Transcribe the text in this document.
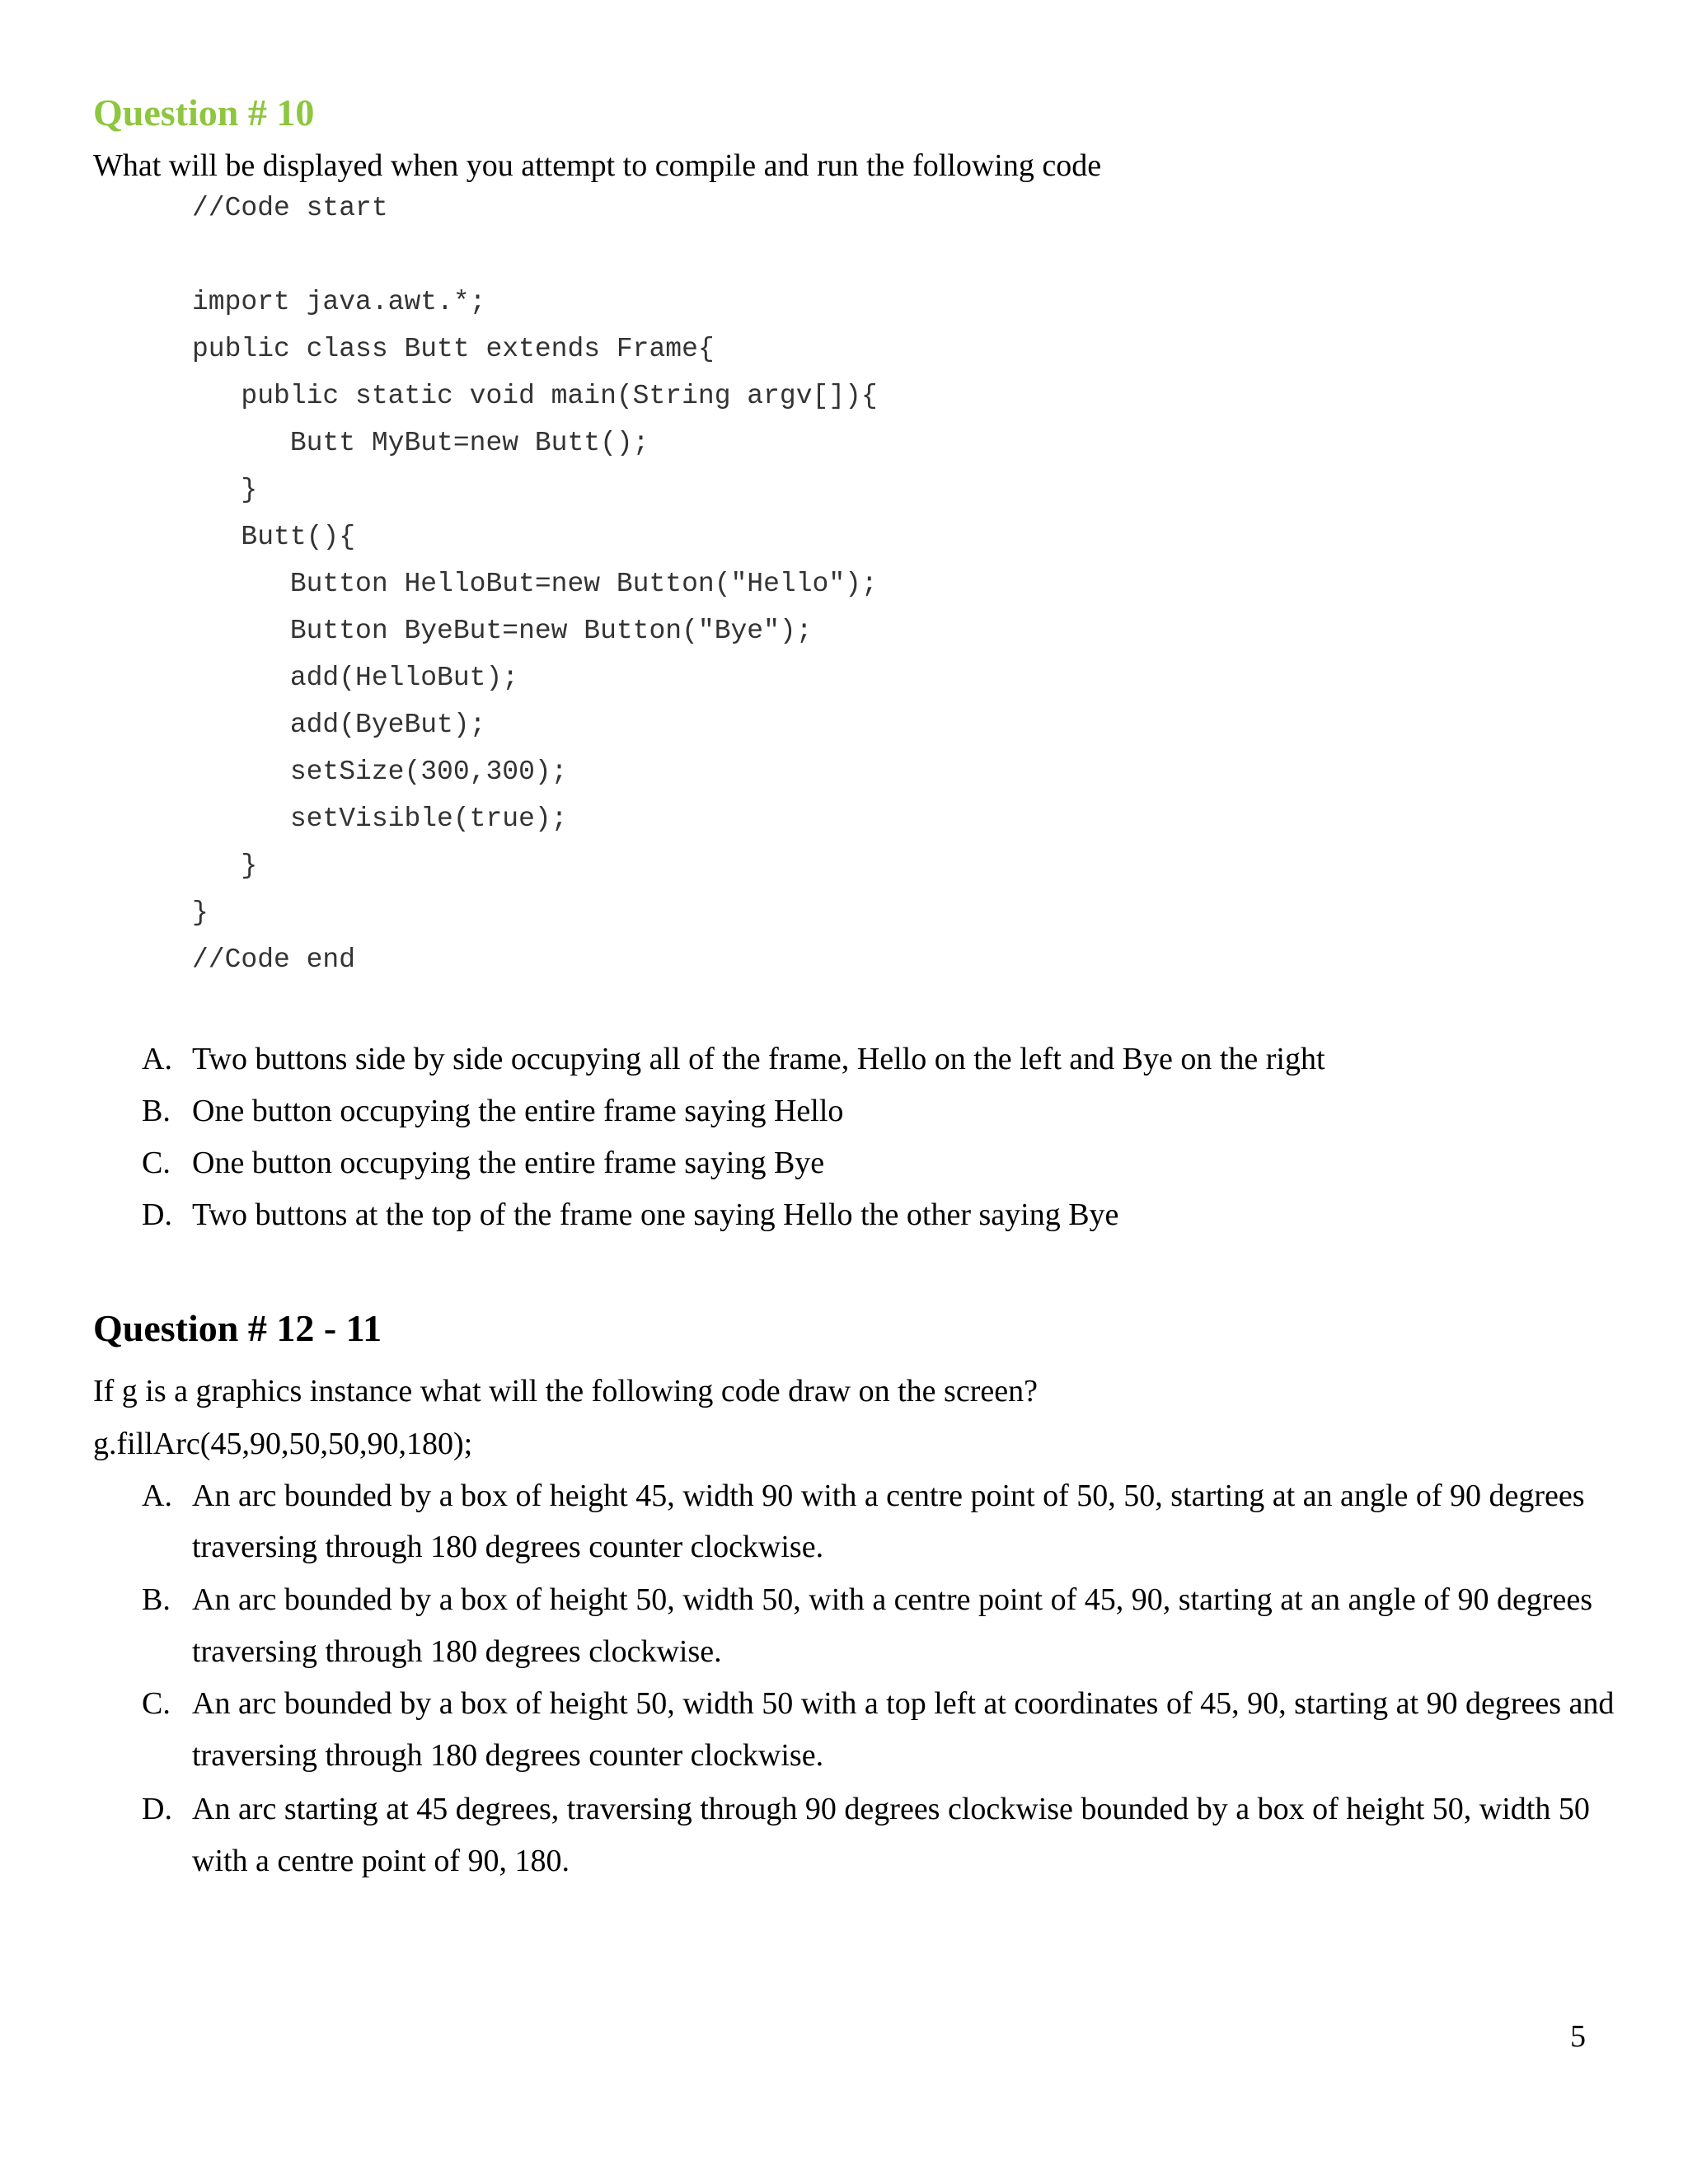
Question # 10

What will be displayed when you attempt to compile and run the following code

//Code start
import java.awt.*;
public class Butt extends Frame{
public static void main(String argv[]){
Butt MyBut=new Butt();
}
Butt(){
Button HelloBut=new Button("Hello");
Button ByeBut=new Button("Bye");
add(HelloBut);
add(ByeBut);
setSize(300,300);
setVisible(true);
}
}
//Code end
A. Two buttons side by side occupying all of the frame, Hello on the left and Bye on the right
B. One button occupying the entire frame saying Hello
C. One button occupying the entire frame saying Bye
D. Two buttons at the top of the frame one saying Hello the other saying Bye
Question # 12 - 11

If g is a graphics instance what will the following code draw on the screen?

g.fillArc(45,90,50,50,90,180);

A. An arc bounded by a box of height 45, width 90 with a centre point of 50, 50, starting at an angle of 90 degrees
traversing through 180 degrees counter clockwise.
B. An arc bounded by a box of height 50, width 50, with a centre point of 45, 90, starting at an angle of 90 degrees
traversing through 180 degrees clockwise.
C. An arc bounded by a box of height 50, width 50 with a top left at coordinates of 45, 90, starting at 90 degrees and
traversing through 180 degrees counter clockwise.
D. An arc starting at 45 degrees, traversing through 90 degrees clockwise bounded by a box of height 50, width 50
with a centre point of 90, 180.
5
